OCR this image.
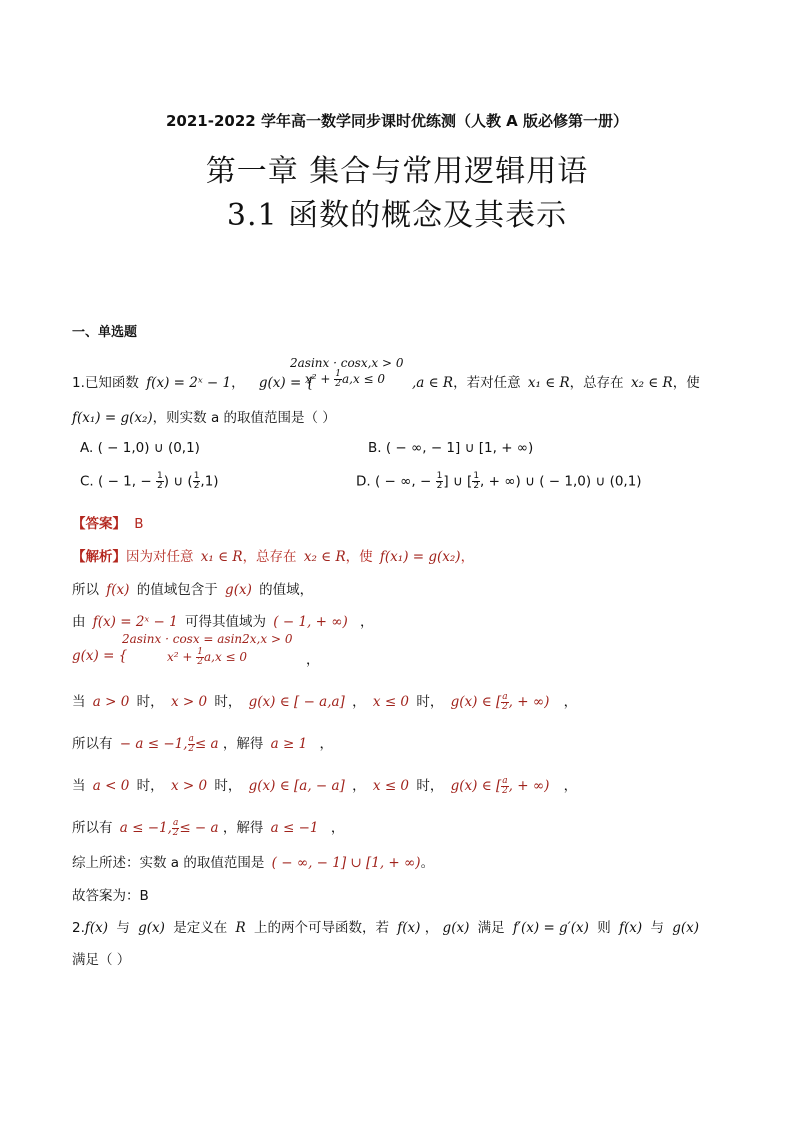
2021-2022 学年高一数学同步课时优练测（人教 A 版必修第一册）
第一章 集合与常用逻辑用语
3.1 函数的概念及其表示
一、单选题
2asinx · cosx,x > 0
$x^2 + \frac{1}{2} a,x \le 0$
1.已知函数 f(x) = 2ˣ − 1， g(x) = {	,a ∈ R，若对任意 x₁ ∈ R，总存在 x₂ ∈ R，使
f(x₁) = g(x₂)，则实数 a 的取值范围是（ ）
A. ( − 1,0) ∪ (0,1)	B. ( − ∞, − 1] ∪ [1, + ∞)
C. ( − 1, − $\frac{1}{2}$ ) ∪ ( $\frac{1}{2} ,1$)	D. ( − ∞, − $\frac{1}{2}$ ] ∪ [ $\frac{1}{2}$ , + ∞) ∪ ( − 1,0) ∪ (0,1)
【答案】 B
【解析】因为对任意 x₁ ∈ R，总存在 x₂ ∈ R，使 f(x₁) = g(x₂)，
所以 f(x) 的值域包含于 g(x) 的值域，
由 f(x) = 2ˣ − 1 可得其值域为 ( − 1, + ∞) ，
2asinx · cosx = asin2x,x > 0
$x^2 + \frac{1}{2} a,x \le 0$
g(x) = {	，
当 a > 0 时， x > 0 时， g(x) ∈ [ − a,a] ， x ≤ 0 时， g(x) ∈ [ $\frac{a}{2}$ , + ∞) ，
所以有 − a ≤ −1, $\frac{a}{2} \le a$ ，解得 a ≥ 1 ，
当 a < 0 时， x > 0 时， g(x) ∈ [a, − a] ， x ≤ 0 时， g(x) ∈ [ $\frac{a}{2}$ , + ∞) ，
所以有 a ≤ −1, $\frac{a}{2}$ ≤ − a ，解得 a ≤ −1 ，
综上所述：实数 a 的取值范围是 ( − ∞, − 1] ∪ [1, + ∞)。
故答案为：B
2.f(x) 与 g(x) 是定义在 R 上的两个可导函数，若 f(x) ， g(x) 满足 f′(x) = g′(x) 则 f(x) 与 g(x)
满足（ ）
